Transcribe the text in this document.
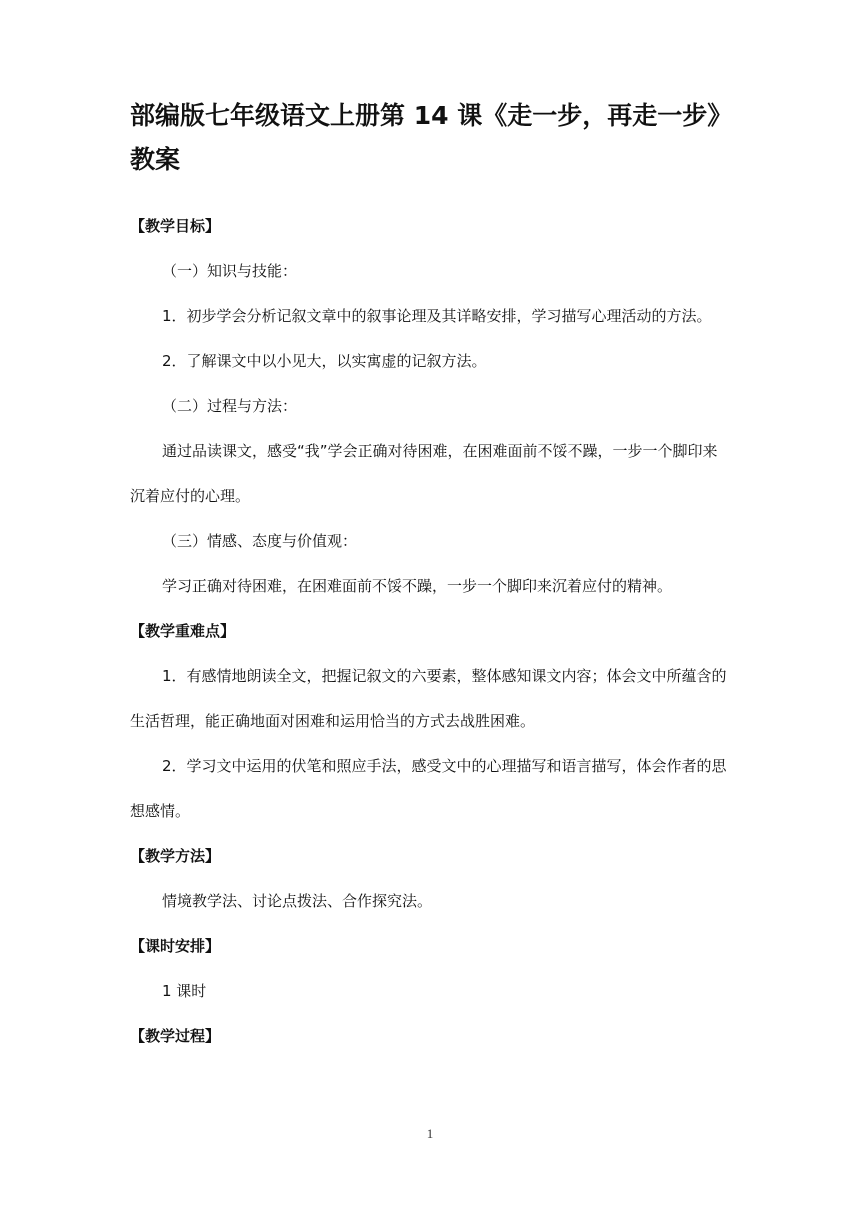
部编版七年级语文上册第 14 课《走一步，再走一步》教案

【教学目标】

（一）知识与技能：

1．初步学会分析记叙文章中的叙事论理及其详略安排，学习描写心理活动的方法。

2．了解课文中以小见大，以实寓虚的记叙方法。

（二）过程与方法：

通过品读课文，感受“我”学会正确对待困难，在困难面前不馁不躁，一步一个脚印来沉着应付的心理。

（三）情感、态度与价值观：

学习正确对待困难，在困难面前不馁不躁，一步一个脚印来沉着应付的精神。

【教学重难点】

1．有感情地朗读全文，把握记叙文的六要素，整体感知课文内容；体会文中所蕴含的生活哲理，能正确地面对困难和运用恰当的方式去战胜困难。

2．学习文中运用的伏笔和照应手法，感受文中的心理描写和语言描写，体会作者的思想感情。

【教学方法】

情境教学法、讨论点拨法、合作探究法。

【课时安排】

1 课时

【教学过程】

1
